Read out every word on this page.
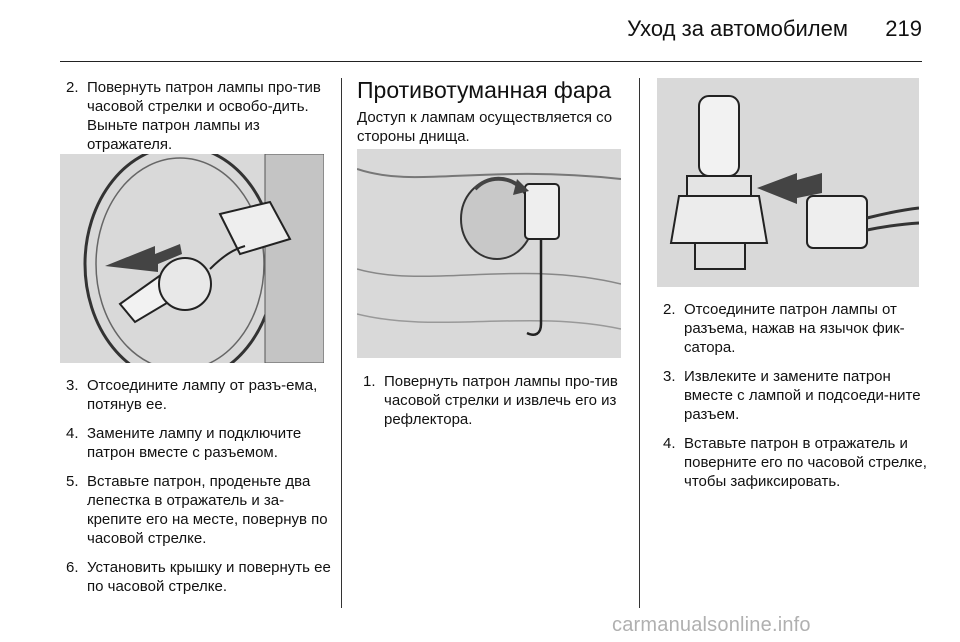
Уход за автомобилем	219
2. Повернуть патрон лампы про-тив часовой стрелки и освобо-дить. Выньте патрон лампы из отражателя.
3. Отсоедините лампу от разъ-ема, потянув ее.
4. Замените лампу и подключите патрон вместе с разъемом.
5. Вставьте патрон, проденьте два лепестка в отражатель и за-крепите его на месте, повернув по часовой стрелке.
6. Установить крышку и повернуть ее по часовой стрелке.
Противотуманная фара
Доступ к лампам осуществляется со стороны днища.
1. Повернуть патрон лампы про-тив часовой стрелки и извлечь его из рефлектора.
2. Отсоедините патрон лампы от разъема, нажав на язычок фик-сатора.
3. Извлеките и замените патрон вместе с лампой и подсоеди-ните разъем.
4. Вставьте патрон в отражатель и поверните его по часовой стрелке, чтобы зафиксировать.
carmanualsonline.info
